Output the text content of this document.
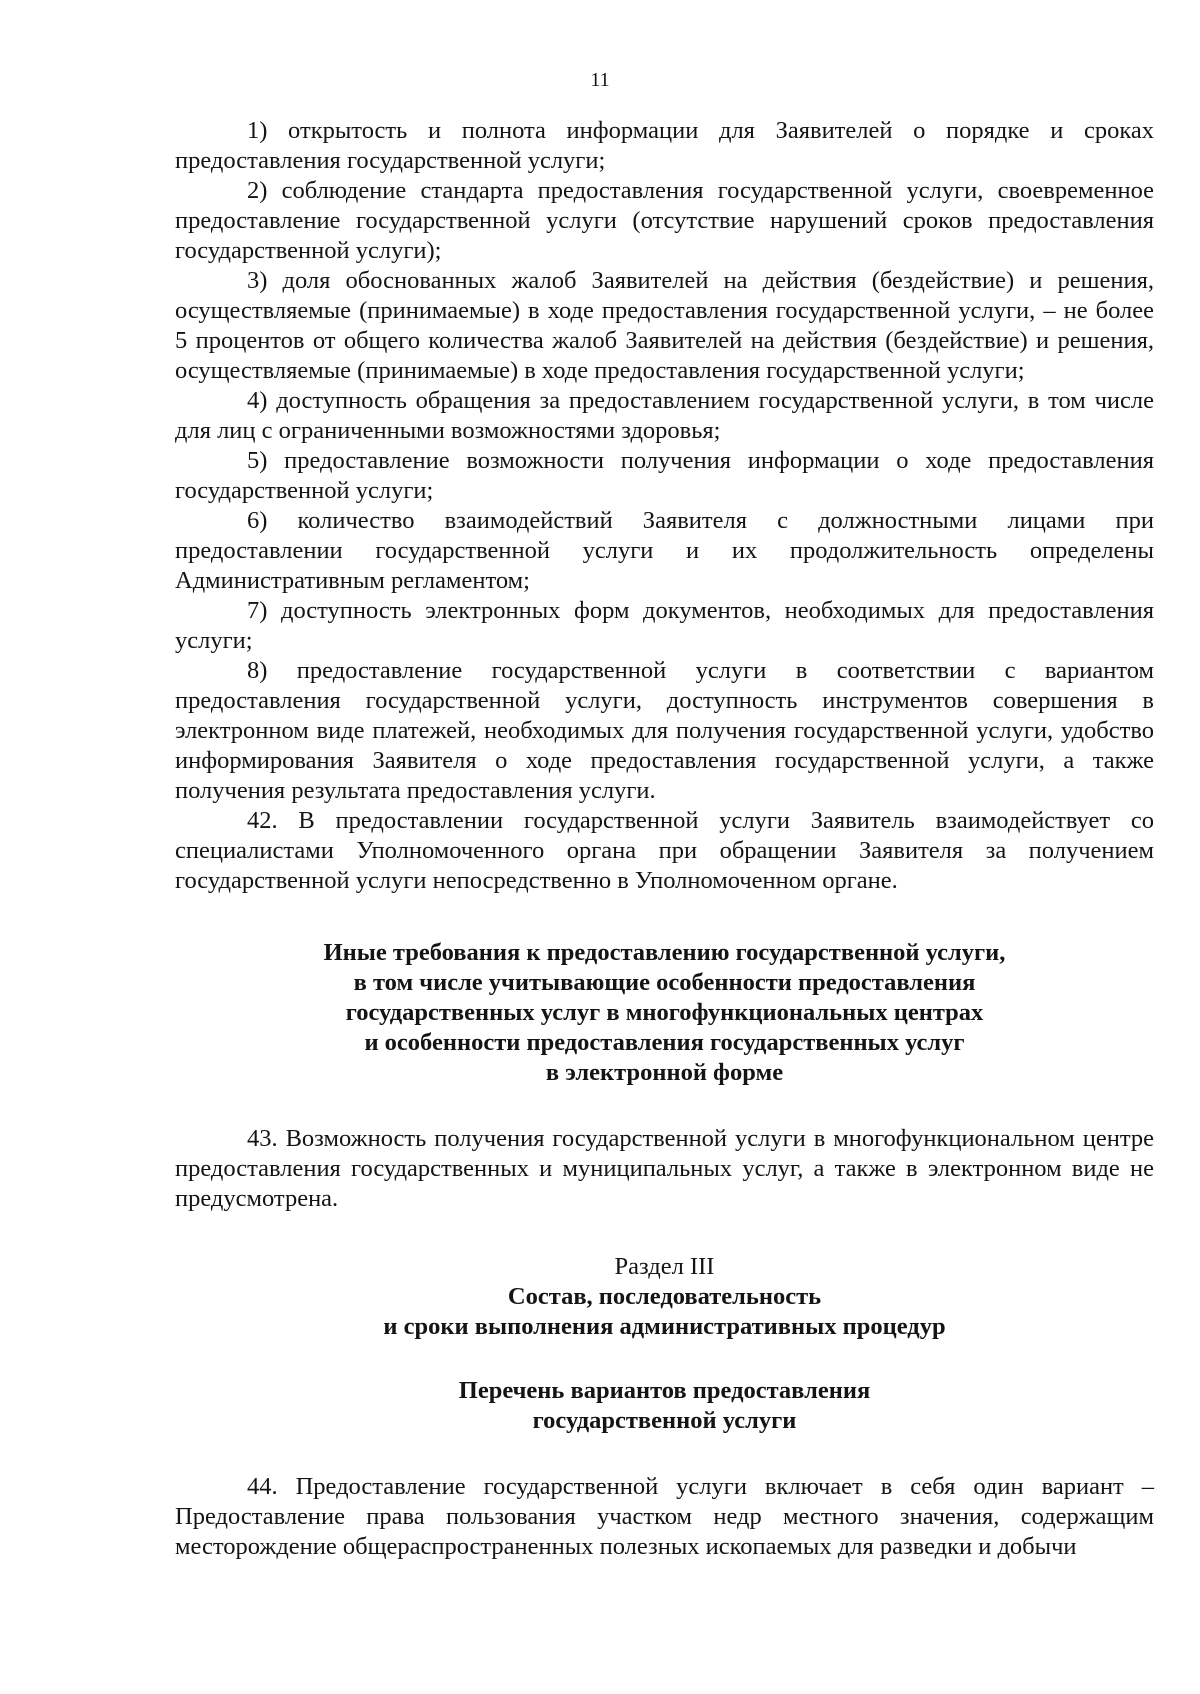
11

1) открытость и полнота информации для Заявителей о порядке и сроках предоставления государственной услуги;

2) соблюдение стандарта предоставления государственной услуги, своевременное предоставление государственной услуги (отсутствие нарушений сроков предоставления государственной услуги);

3) доля обоснованных жалоб Заявителей на действия (бездействие) и решения, осуществляемые (принимаемые) в ходе предоставления государственной услуги, – не более 5 процентов от общего количества жалоб Заявителей на действия (бездействие) и решения, осуществляемые (принимаемые) в ходе предоставления государственной услуги;

4) доступность обращения за предоставлением государственной услуги, в том числе для лиц с ограниченными возможностями здоровья;

5) предоставление возможности получения информации о ходе предоставления государственной услуги;

6) количество взаимодействий Заявителя с должностными лицами при предоставлении государственной услуги и их продолжительность определены Административным регламентом;

7) доступность электронных форм документов, необходимых для предоставления услуги;

8) предоставление государственной услуги в соответствии с вариантом предоставления государственной услуги, доступность инструментов совершения в электронном виде платежей, необходимых для получения государственной услуги, удобство информирования Заявителя о ходе предоставления государственной услуги, а также получения результата предоставления услуги.

42. В предоставлении государственной услуги Заявитель взаимодействует со специалистами Уполномоченного органа при обращении Заявителя за получением государственной услуги непосредственно в Уполномоченном органе.

Иные требования к предоставлению государственной услуги,

в том числе учитывающие особенности предоставления

государственных услуг в многофункциональных центрах

и особенности предоставления государственных услуг

в электронной форме

43. Возможность получения государственной услуги в многофункциональном центре предоставления государственных и муниципальных услуг, а также в электронном виде не предусмотрена.

Раздел III

Состав, последовательность

и сроки выполнения административных процедур

Перечень вариантов предоставления

государственной услуги

44. Предоставление государственной услуги включает в себя один вариант – Предоставление права пользования участком недр местного значения, содержащим месторождение общераспространенных полезных ископаемых для разведки и добычи
